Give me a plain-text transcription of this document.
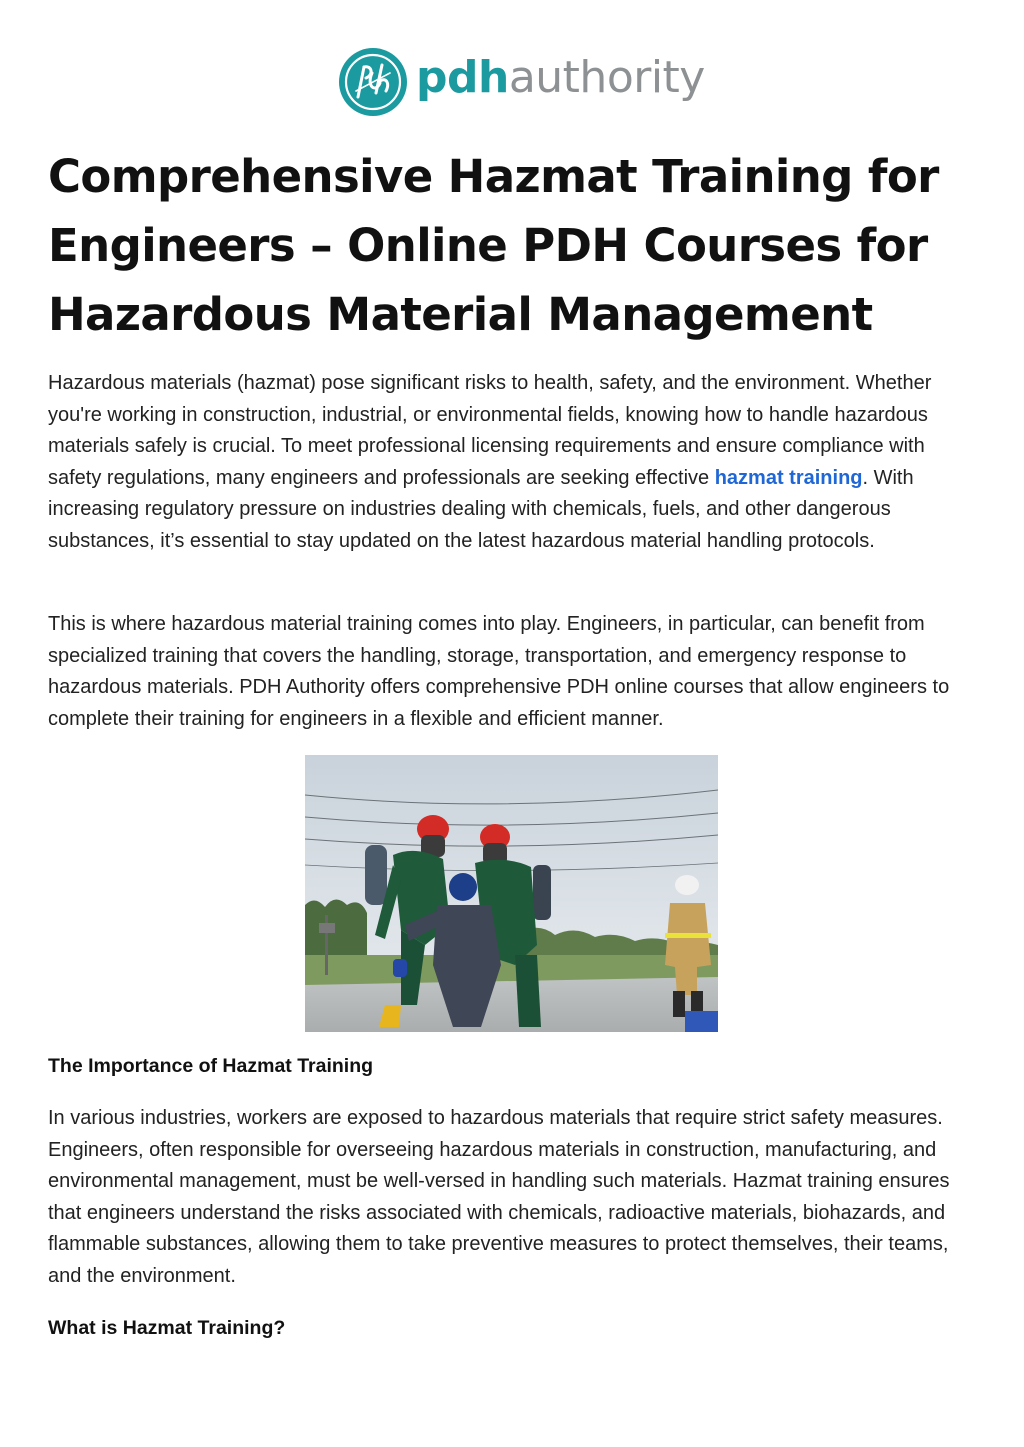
pdhauthority
Comprehensive Hazmat Training for Engineers – Online PDH Courses for Hazardous Material Management

Hazardous materials (hazmat) pose significant risks to health, safety, and the environment. Whether you're working in construction, industrial, or environmental fields, knowing how to handle hazardous materials safely is crucial. To meet professional licensing requirements and ensure compliance with safety regulations, many engineers and professionals are seeking effective hazmat training. With increasing regulatory pressure on industries dealing with chemicals, fuels, and other dangerous substances, it’s essential to stay updated on the latest hazardous material handling protocols.

This is where hazardous material training comes into play. Engineers, in particular, can benefit from specialized training that covers the handling, storage, transportation, and emergency response to hazardous materials. PDH Authority offers comprehensive PDH online courses that allow engineers to complete their training for engineers in a flexible and efficient manner.

The Importance of Hazmat Training

In various industries, workers are exposed to hazardous materials that require strict safety measures. Engineers, often responsible for overseeing hazardous materials in construction, manufacturing, and environmental management, must be well-versed in handling such materials. Hazmat training ensures that engineers understand the risks associated with chemicals, radioactive materials, biohazards, and flammable substances, allowing them to take preventive measures to protect themselves, their teams, and the environment.

What is Hazmat Training?
